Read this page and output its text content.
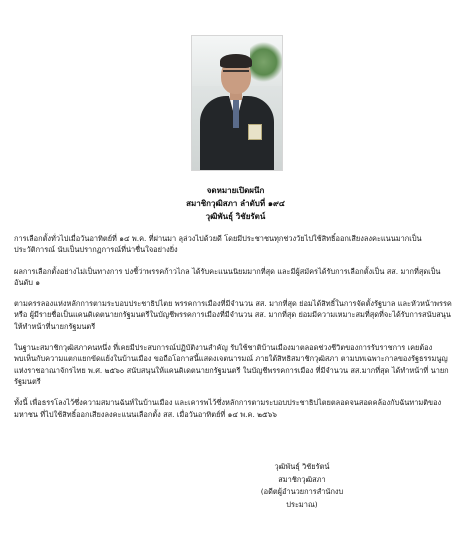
จดหมายเปิดผนึก
สมาชิกวุฒิสภา ลำดับที่ ๑๙๔
วุฒิพันธุ์ วิชัยรัตน์

การเลือกตั้งทั่วไปเมื่อวันอาทิตย์ที่ ๑๔ พ.ค. ที่ผ่านมา ลุล่วงไปด้วยดี โดยมีประชาชนทุกช่วงวัยไปใช้สิทธิ์ออกเสียงลงคะแนนมากเป็นประวัติการณ์ นับเป็นปรากฏการณ์ที่น่าชื่นใจอย่างยิ่ง

ผลการเลือกตั้งอย่างไม่เป็นทางการ บ่งชี้ว่าพรรคก้าวไกล ได้รับคะแนนนิยมมากที่สุด และมีผู้สมัครได้รับการเลือกตั้งเป็น สส. มากที่สุดเป็นอันดับ ๑

ตามครรลองแห่งหลักการตามระบอบประชาธิปไตย พรรคการเมืองที่มีจำนวน สส. มากที่สุด ย่อมได้สิทธิ์ในการจัดตั้งรัฐบาล และหัวหน้าพรรค หรือ ผู้มีรายชื่อเป็นแคนดิเดตนายกรัฐมนตรีในบัญชีพรรคการเมืองที่มีจำนวน สส. มากที่สุด ย่อมมีความเหมาะสมที่สุดที่จะได้รับการสนับสนุนให้ทำหน้าที่นายกรัฐมนตรี

ในฐานะสมาชิกวุฒิสภาคนหนึ่ง ที่เคยมีประสบการณ์ปฏิบัติงานสำคัญ รับใช้ชาติบ้านเมืองมาตลอดช่วงชีวิตของการรับราชการ เคยต้องพบเห็นกับความแตกแยกขัดแย้งในบ้านเมือง ขอถือโอกาสนี้แสดงเจตนารมณ์ ภายใต้สิทธิสมาชิกวุฒิสภา ตามบทเฉพาะกาลของรัฐธรรมนูญแห่งราชอาณาจักรไทย พ.ศ. ๒๕๖๐ สนับสนุนให้แคนดิเดตนายกรัฐมนตรี ในบัญชีพรรคการเมือง ที่มีจำนวน สส.มากที่สุด ได้ทำหน้าที่ นายกรัฐมนตรี

ทั้งนี้ เพื่อธรรโลงไว้ซึ่งความสมานฉันท์ในบ้านเมือง และเคารพไว้ซึ่งหลักการตามระบอบประชาธิปไตยตลอดจนสอดคล้องกับฉันทามติของมหาชน ที่ไปใช้สิทธิ์ออกเสียงลงคะแนนเลือกตั้ง สส. เมื่อวันอาทิตย์ที่ ๑๔ พ.ค. ๒๕๖๖

วุฒิพันธุ์ วิชัยรัตน์
สมาชิกวุฒิสภา
(อดีตผู้อำนวยการสำนักงบประมาณ)
